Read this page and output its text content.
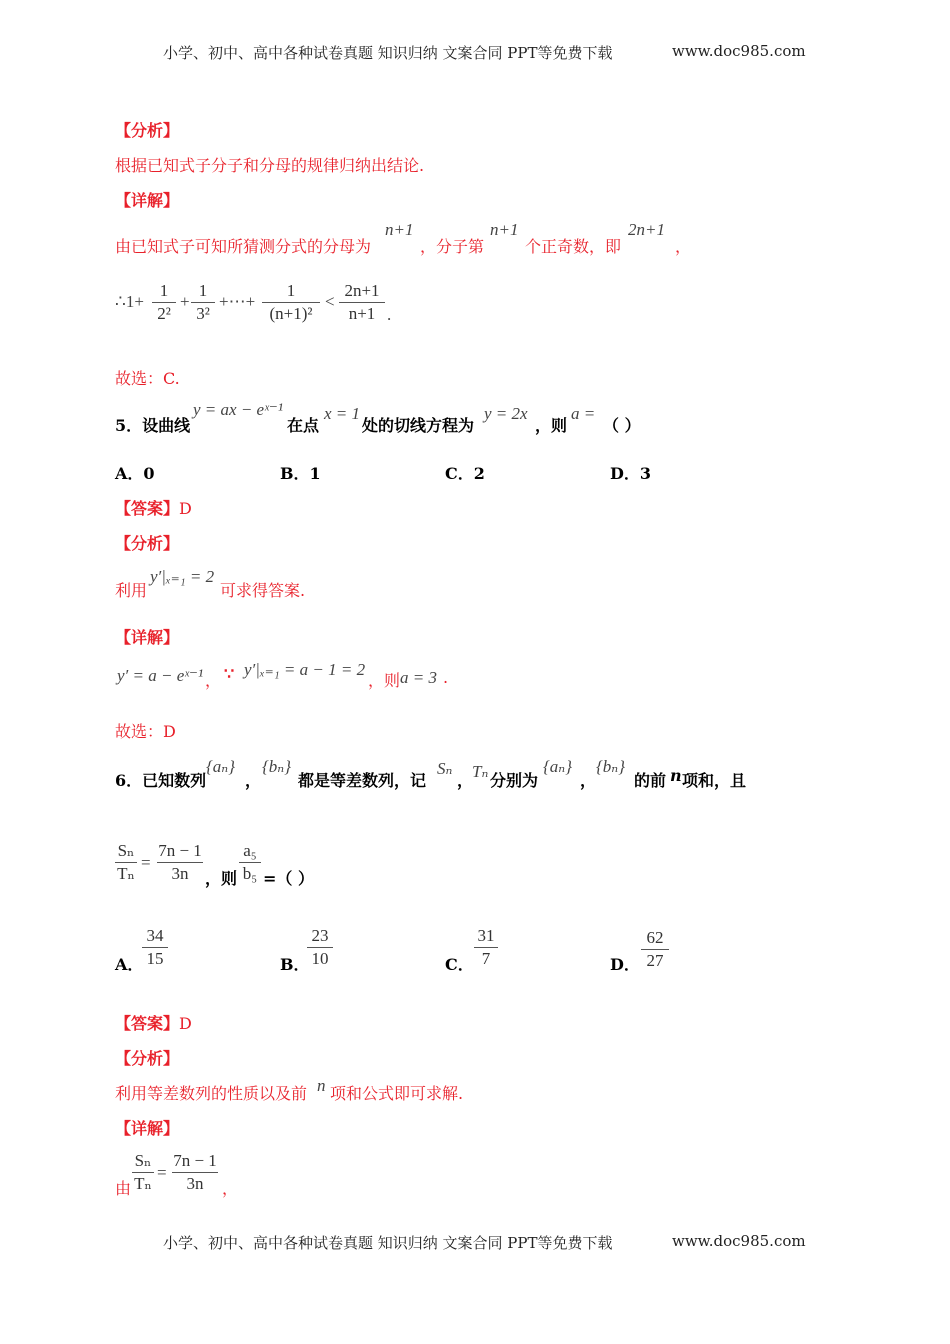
小学、初中、高中各种试卷真题 知识归纳 文案合同 PPT等免费下载	www.doc985.com
【分析】
根据已知式子分子和分母的规律归纳出结论.
【详解】
由已知式子可知所猜测分式的分母为
n+1
，分子第
n+1
个正奇数，即
2n+1
，
∴1+
1
2²
+
1
3²
+⋯+
1
(n+1)²
<
2n+1
n+1 .
故选：C.
5．设曲线
y = ax − eˣ⁻¹
在点
x = 1
处的切线方程为
y = 2x
，则
a =
（ ）
A．0	B．1	C．2	D．3
【答案】D
【分析】
利用
y′|ₓ₌₁ = 2
可求得答案.
【详解】
y′ = a − eˣ⁻¹ ， ∵ y′|ₓ₌₁ = a − 1 = 2
，则 a = 3 .
故选：D
6．已知数列
{aₙ}
，
{bₙ}
都是等差数列，记
Sₙ
，
Tₙ 分别为
{aₙ}
，
{bₙ}
的前 n 项和，且
Sₙ
Tₙ
=
7n − 1
3n	，则
a₅
b₅ =（ ）
A．
34
15	B．
23
10	C．
31
7	D．
62
27
【答案】D
【分析】
利用等差数列的性质以及前 n 项和公式即可求解.
【详解】
由
Sₙ
Tₙ
=
7n − 1
3n	，
小学、初中、高中各种试卷真题 知识归纳 文案合同 PPT等免费下载	www.doc985.com
